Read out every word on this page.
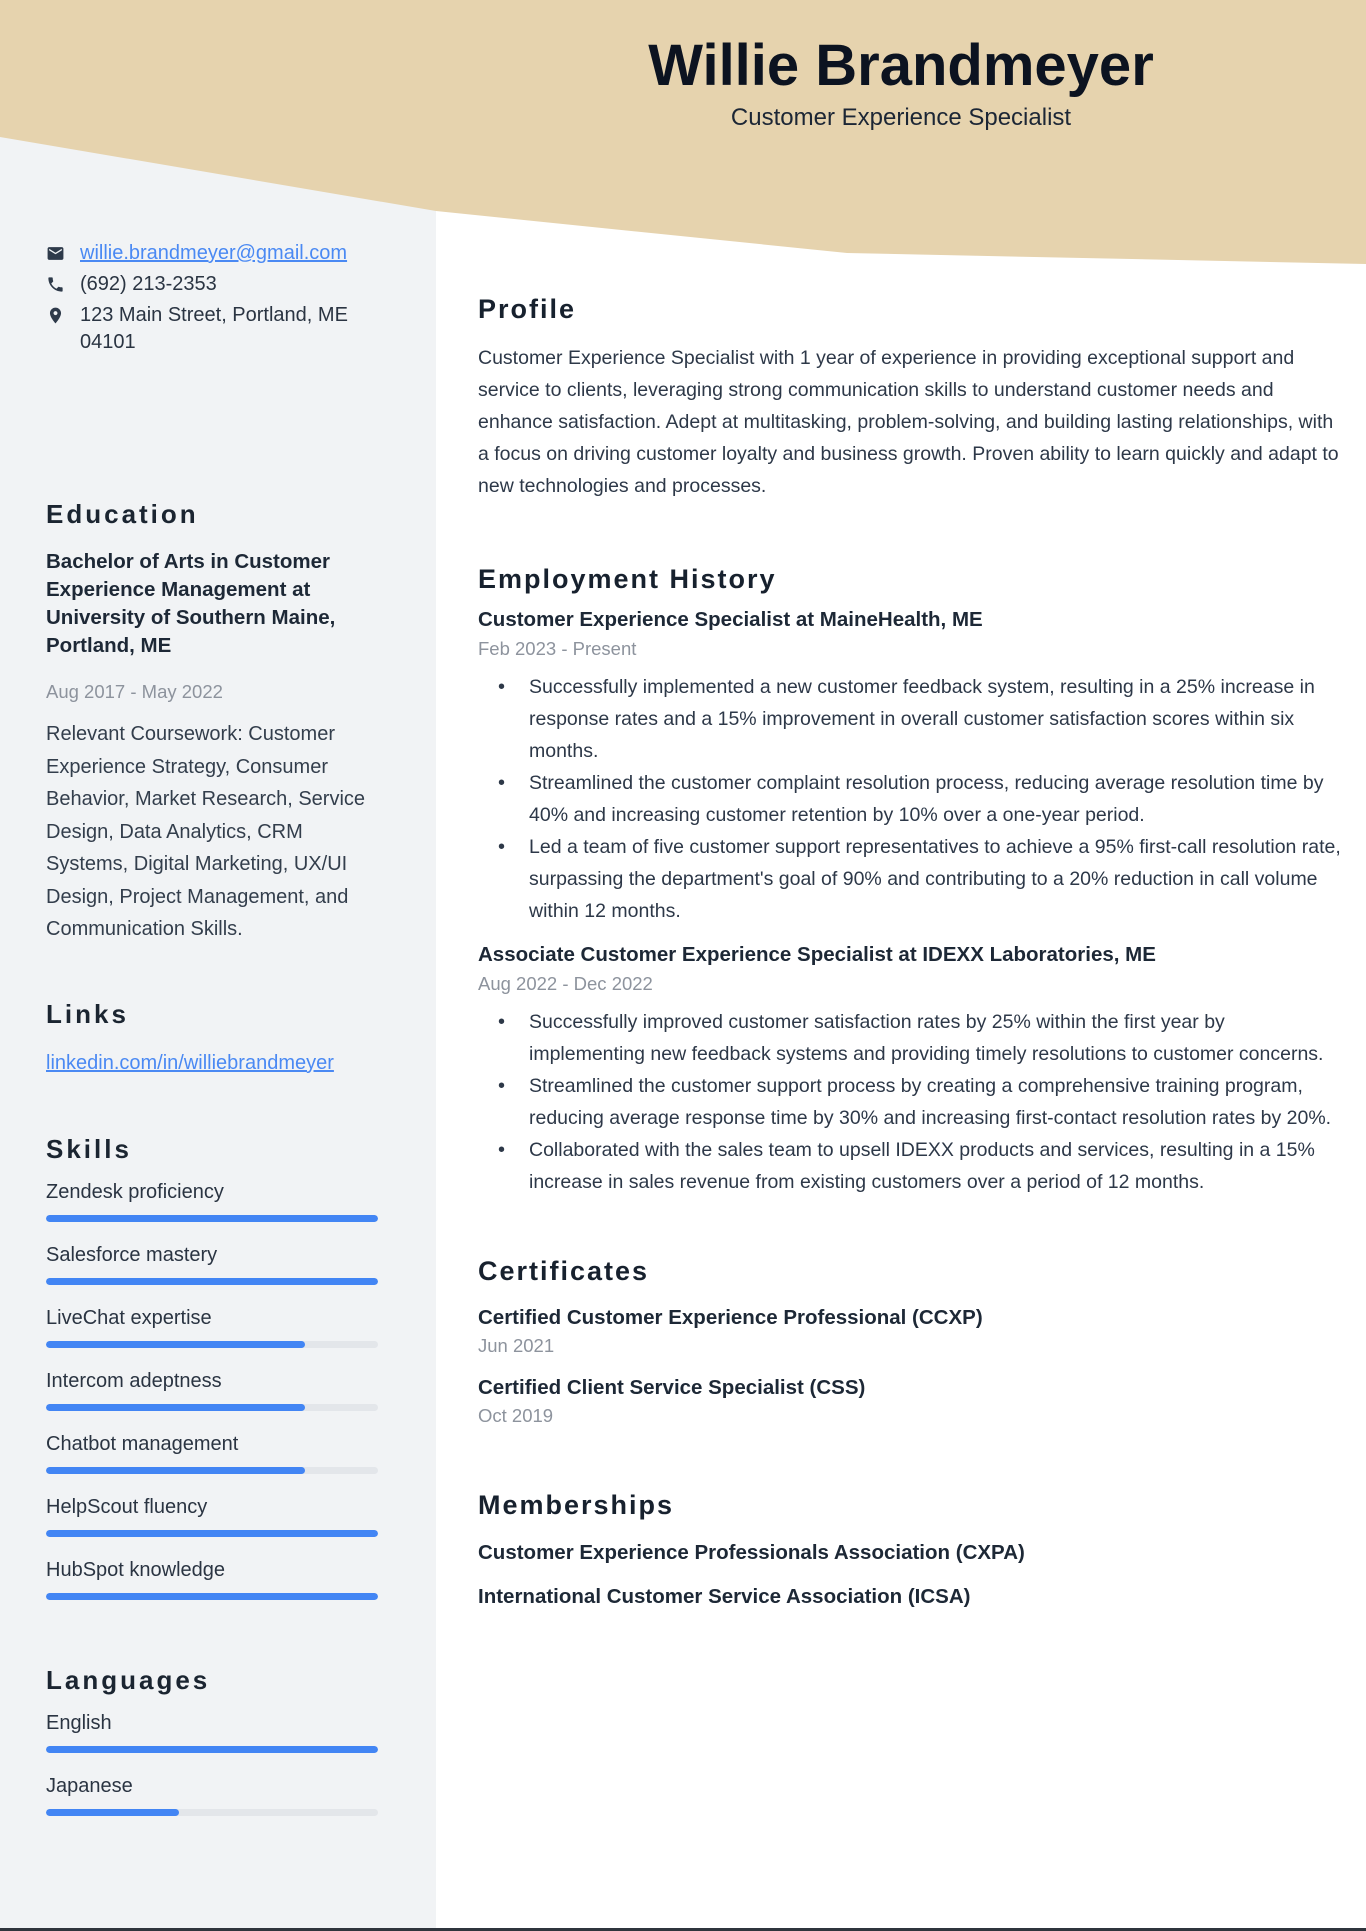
willie.brandmeyer@gmail.com
(692) 213-2353
123 Main Street, Portland, ME 04101
Education

Bachelor of Arts in Customer Experience Management at University of Southern Maine, Portland, ME

Aug 2017 - May 2022

Relevant Coursework: Customer Experience Strategy, Consumer Behavior, Market Research, Service Design, Data Analytics, CRM Systems, Digital Marketing, UX/UI Design, Project Management, and Communication Skills.

Links
linkedin.com/in/williebrandmeyer
Skills
Zendesk proficiency
Salesforce mastery
LiveChat expertise
Intercom adeptness
Chatbot management
HelpScout fluency
HubSpot knowledge
Languages
English
Japanese
Willie Brandmeyer
Customer Experience Specialist
Profile

Customer Experience Specialist with 1 year of experience in providing exceptional support and service to clients, leveraging strong communication skills to understand customer needs and enhance satisfaction. Adept at multitasking, problem-solving, and building lasting relationships, with a focus on driving customer loyalty and business growth. Proven ability to learn quickly and adapt to new technologies and processes.

Employment History
Customer Experience Specialist at MaineHealth, ME
Feb 2023 - Present
• Successfully implemented a new customer feedback system, resulting in a 25% increase in response rates and a 15% improvement in overall customer satisfaction scores within six months.
• Streamlined the customer complaint resolution process, reducing average resolution time by 40% and increasing customer retention by 10% over a one-year period.
• Led a team of five customer support representatives to achieve a 95% first-call resolution rate, surpassing the department's goal of 90% and contributing to a 20% reduction in call volume within 12 months.
Associate Customer Experience Specialist at IDEXX Laboratories, ME
Aug 2022 - Dec 2022
• Successfully improved customer satisfaction rates by 25% within the first year by implementing new feedback systems and providing timely resolutions to customer concerns.
• Streamlined the customer support process by creating a comprehensive training program, reducing average response time by 30% and increasing first-contact resolution rates by 20%.
• Collaborated with the sales team to upsell IDEXX products and services, resulting in a 15% increase in sales revenue from existing customers over a period of 12 months.
Certificates
Certified Customer Experience Professional (CCXP)
Jun 2021
Certified Client Service Specialist (CSS)
Oct 2019
Memberships
Customer Experience Professionals Association (CXPA)
International Customer Service Association (ICSA)
